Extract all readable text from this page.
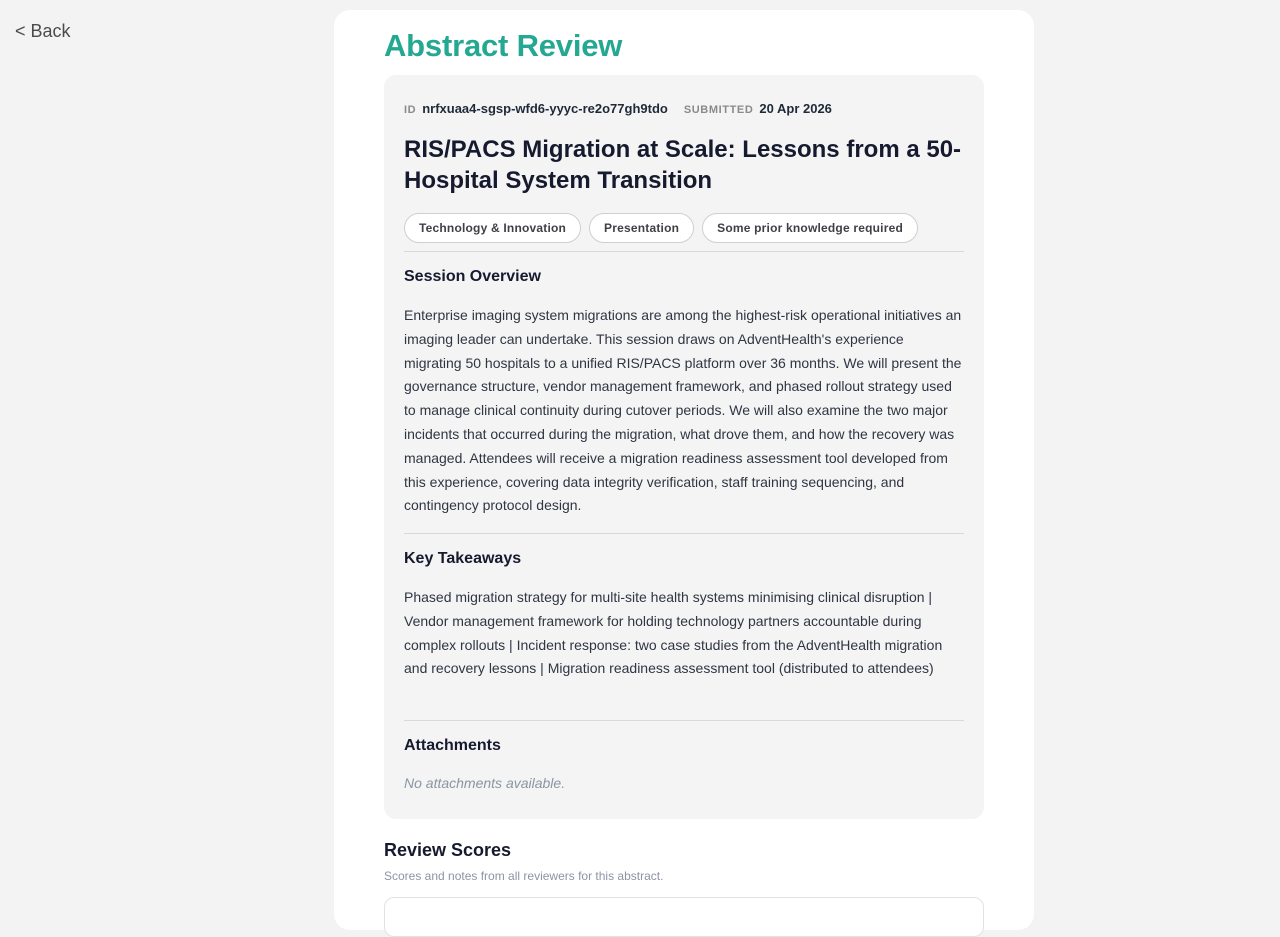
< Back	Abstract Review
ID nrfxuaa4-sgsp-wfd6-yyyc-re2o77gh9tdo SUBMITTED 20 Apr 2026
RIS/PACS Migration at Scale: Lessons from a 50-Hospital System Transition
Technology & Innovation	Presentation	Some prior knowledge required
Session Overview

Enterprise imaging system migrations are among the highest-risk operational initiatives an imaging leader can undertake. This session draws on AdventHealth's experience migrating 50 hospitals to a unified RIS/PACS platform over 36 months. We will present the governance structure, vendor management framework, and phased rollout strategy used to manage clinical continuity during cutover periods. We will also examine the two major incidents that occurred during the migration, what drove them, and how the recovery was managed. Attendees will receive a migration readiness assessment tool developed from this experience, covering data integrity verification, staff training sequencing, and contingency protocol design.

Key Takeaways

Phased migration strategy for multi-site health systems minimising clinical disruption | Vendor management framework for holding technology partners accountable during complex rollouts | Incident response: two case studies from the AdventHealth migration and recovery lessons | Migration readiness assessment tool (distributed to attendees)

Attachments

No attachments available.

Review Scores

Scores and notes from all reviewers for this abstract.
